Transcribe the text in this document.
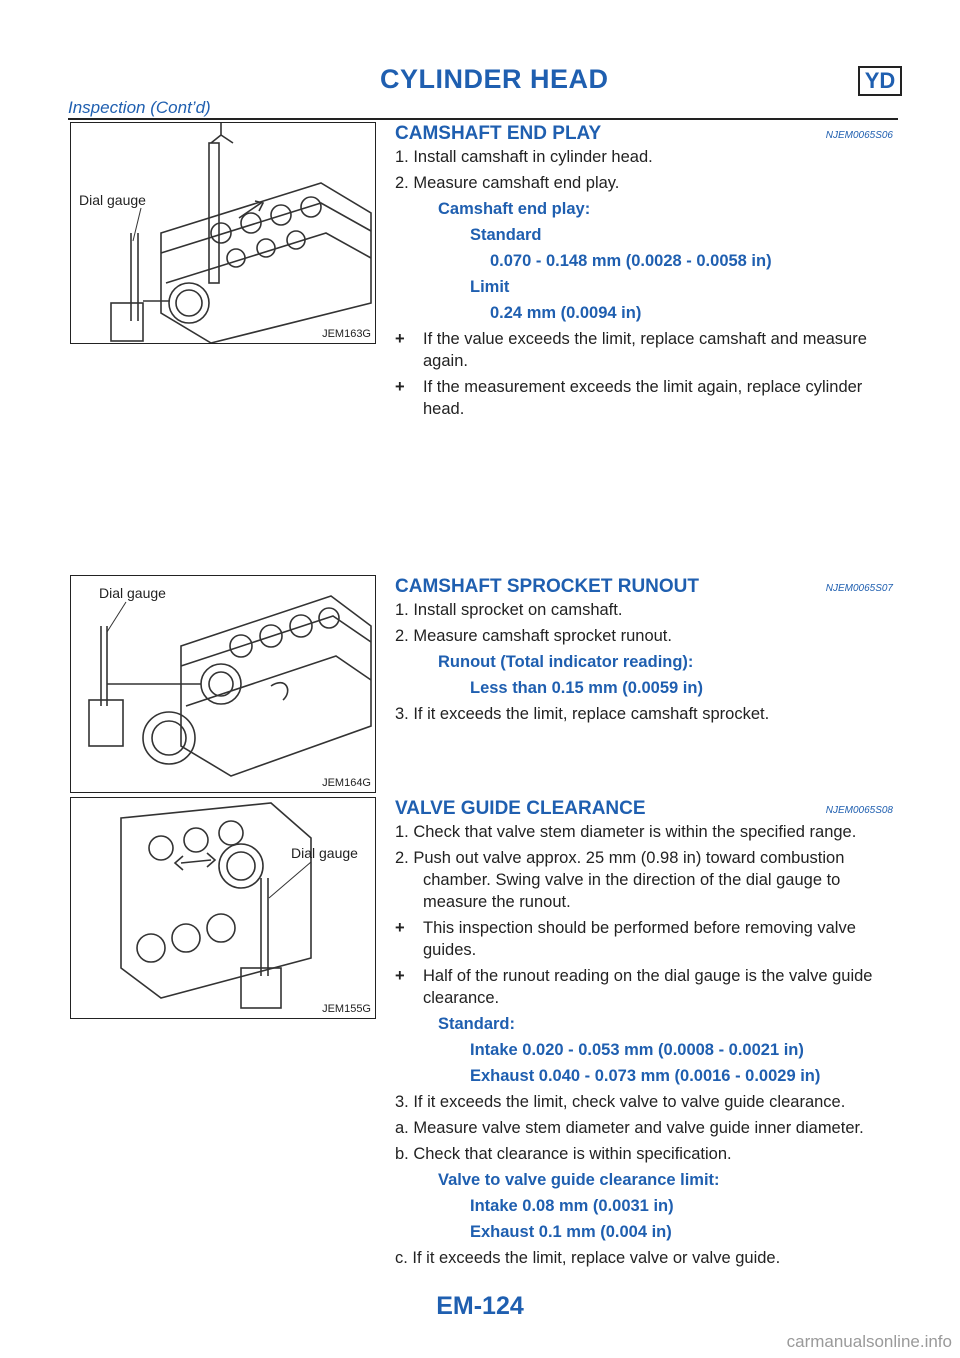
CYLINDER HEAD	YD
Inspection (Cont’d)
Dial gauge
JEM163G
Dial gauge
JEM164G
Dial gauge
JEM155G
CAMSHAFT END PLAY	NJEM0065S06

1. Install camshaft in cylinder head.

2. Measure camshaft end play.

Camshaft end play:

Standard

0.070 - 0.148 mm (0.0028 - 0.0058 in)

Limit

0.24 mm (0.0094 in)

+ If the value exceeds the limit, replace camshaft and measure again.

+ If the measurement exceeds the limit again, replace cylinder head.

CAMSHAFT SPROCKET RUNOUT	NJEM0065S07

1. Install sprocket on camshaft.

2. Measure camshaft sprocket runout.

Runout (Total indicator reading):

Less than 0.15 mm (0.0059 in)

3. If it exceeds the limit, replace camshaft sprocket.

VALVE GUIDE CLEARANCE	NJEM0065S08

1. Check that valve stem diameter is within the specified range.

2. Push out valve approx. 25 mm (0.98 in) toward combustion chamber. Swing valve in the direction of the dial gauge to measure the runout.

+ This inspection should be performed before removing valve guides.

+ Half of the runout reading on the dial gauge is the valve guide clearance.

Standard:

Intake 0.020 - 0.053 mm (0.0008 - 0.0021 in)

Exhaust 0.040 - 0.073 mm (0.0016 - 0.0029 in)

3. If it exceeds the limit, check valve to valve guide clearance.

a. Measure valve stem diameter and valve guide inner diameter.

b. Check that clearance is within specification.

Valve to valve guide clearance limit:

Intake 0.08 mm (0.0031 in)

Exhaust 0.1 mm (0.004 in)

c. If it exceeds the limit, replace valve or valve guide.

EM-124
carmanualsonline.info
